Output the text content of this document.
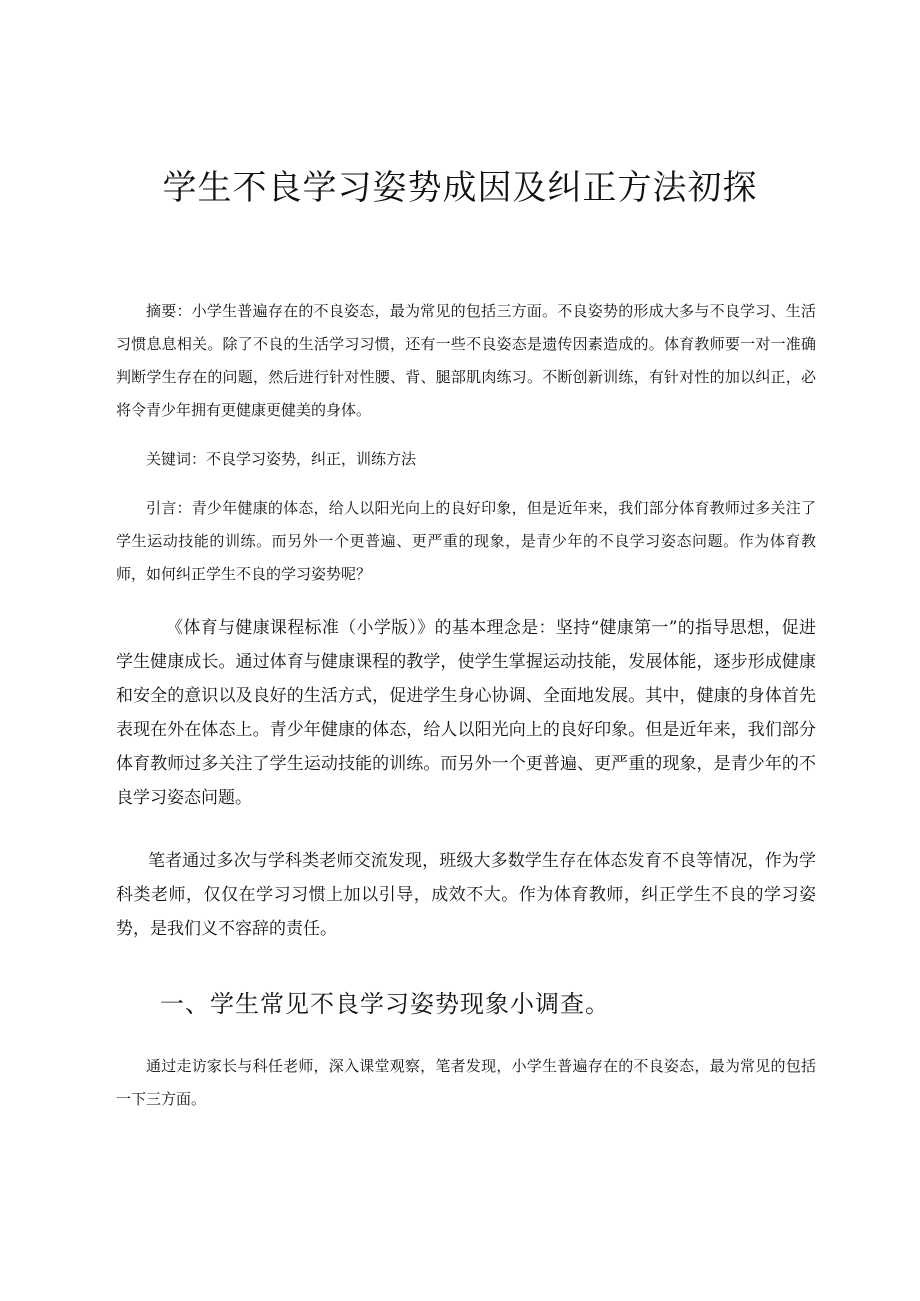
学生不良学习姿势成因及纠正方法初探

摘要：小学生普遍存在的不良姿态，最为常见的包括三方面。不良姿势的形成大多与不良学习、生活习惯息息相关。除了不良的生活学习习惯，还有一些不良姿态是遗传因素造成的。体育教师要一对一准确判断学生存在的问题，然后进行针对性腰、背、腿部肌肉练习。不断创新训练，有针对性的加以纠正，必将令青少年拥有更健康更健美的身体。

关键词：不良学习姿势，纠正，训练方法

引言：青少年健康的体态，给人以阳光向上的良好印象，但是近年来，我们部分体育教师过多关注了学生运动技能的训练。而另外一个更普遍、更严重的现象，是青少年的不良学习姿态问题。作为体育教师，如何纠正学生不良的学习姿势呢？

《体育与健康课程标准（小学版）》的基本理念是：坚持“健康第一”的指导思想，促进学生健康成长。通过体育与健康课程的教学，使学生掌握运动技能，发展体能，逐步形成健康和安全的意识以及良好的生活方式，促进学生身心协调、全面地发展。其中，健康的身体首先表现在外在体态上。青少年健康的体态，给人以阳光向上的良好印象。但是近年来，我们部分体育教师过多关注了学生运动技能的训练。而另外一个更普遍、更严重的现象，是青少年的不良学习姿态问题。

笔者通过多次与学科类老师交流发现，班级大多数学生存在体态发育不良等情况，作为学科类老师，仅仅在学习习惯上加以引导，成效不大。作为体育教师，纠正学生不良的学习姿势，是我们义不容辞的责任。

一、学生常见不良学习姿势现象小调查。

通过走访家长与科任老师，深入课堂观察，笔者发现，小学生普遍存在的不良姿态，最为常见的包括一下三方面。
